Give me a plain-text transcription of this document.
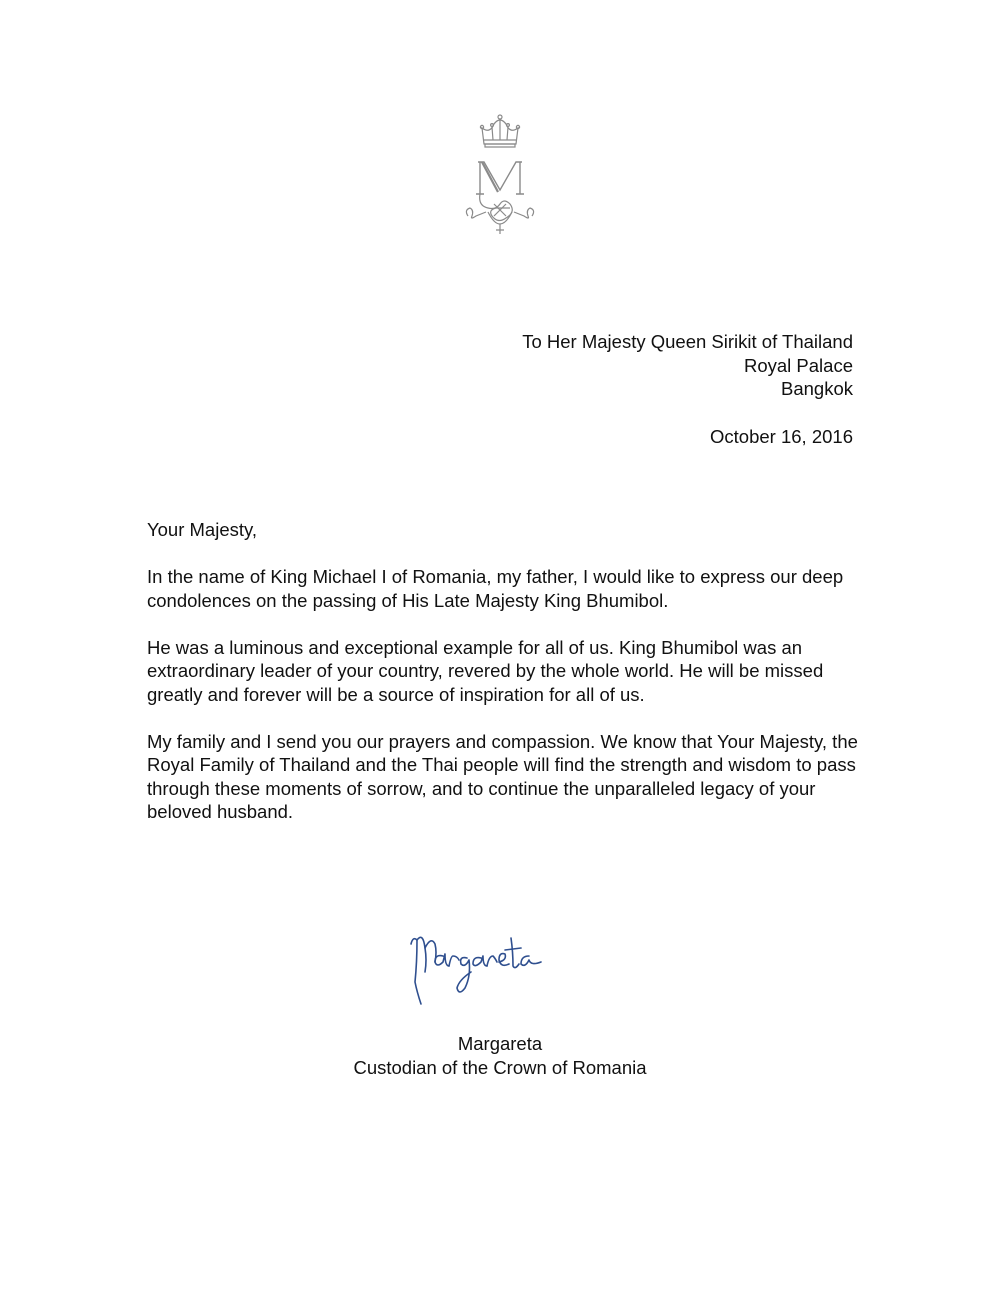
To Her Majesty Queen Sirikit of Thailand
Royal Palace
Bangkok
October 16, 2016

Your Majesty,

In the name of King Michael I of Romania, my father, I would like to express our deep condolences on the passing of His Late Majesty King Bhumibol.

He was a luminous and exceptional example for all of us. King Bhumibol was an extraordinary leader of your country, revered by the whole world. He will be missed greatly and forever will be a source of inspiration for all of us.

My family and I send you our prayers and compassion. We know that Your Majesty, the Royal Family of Thailand and the Thai people will find the strength and wisdom to pass through these moments of sorrow, and to continue the unparalleled legacy of your beloved husband.

Margareta
Custodian of the Crown of Romania
